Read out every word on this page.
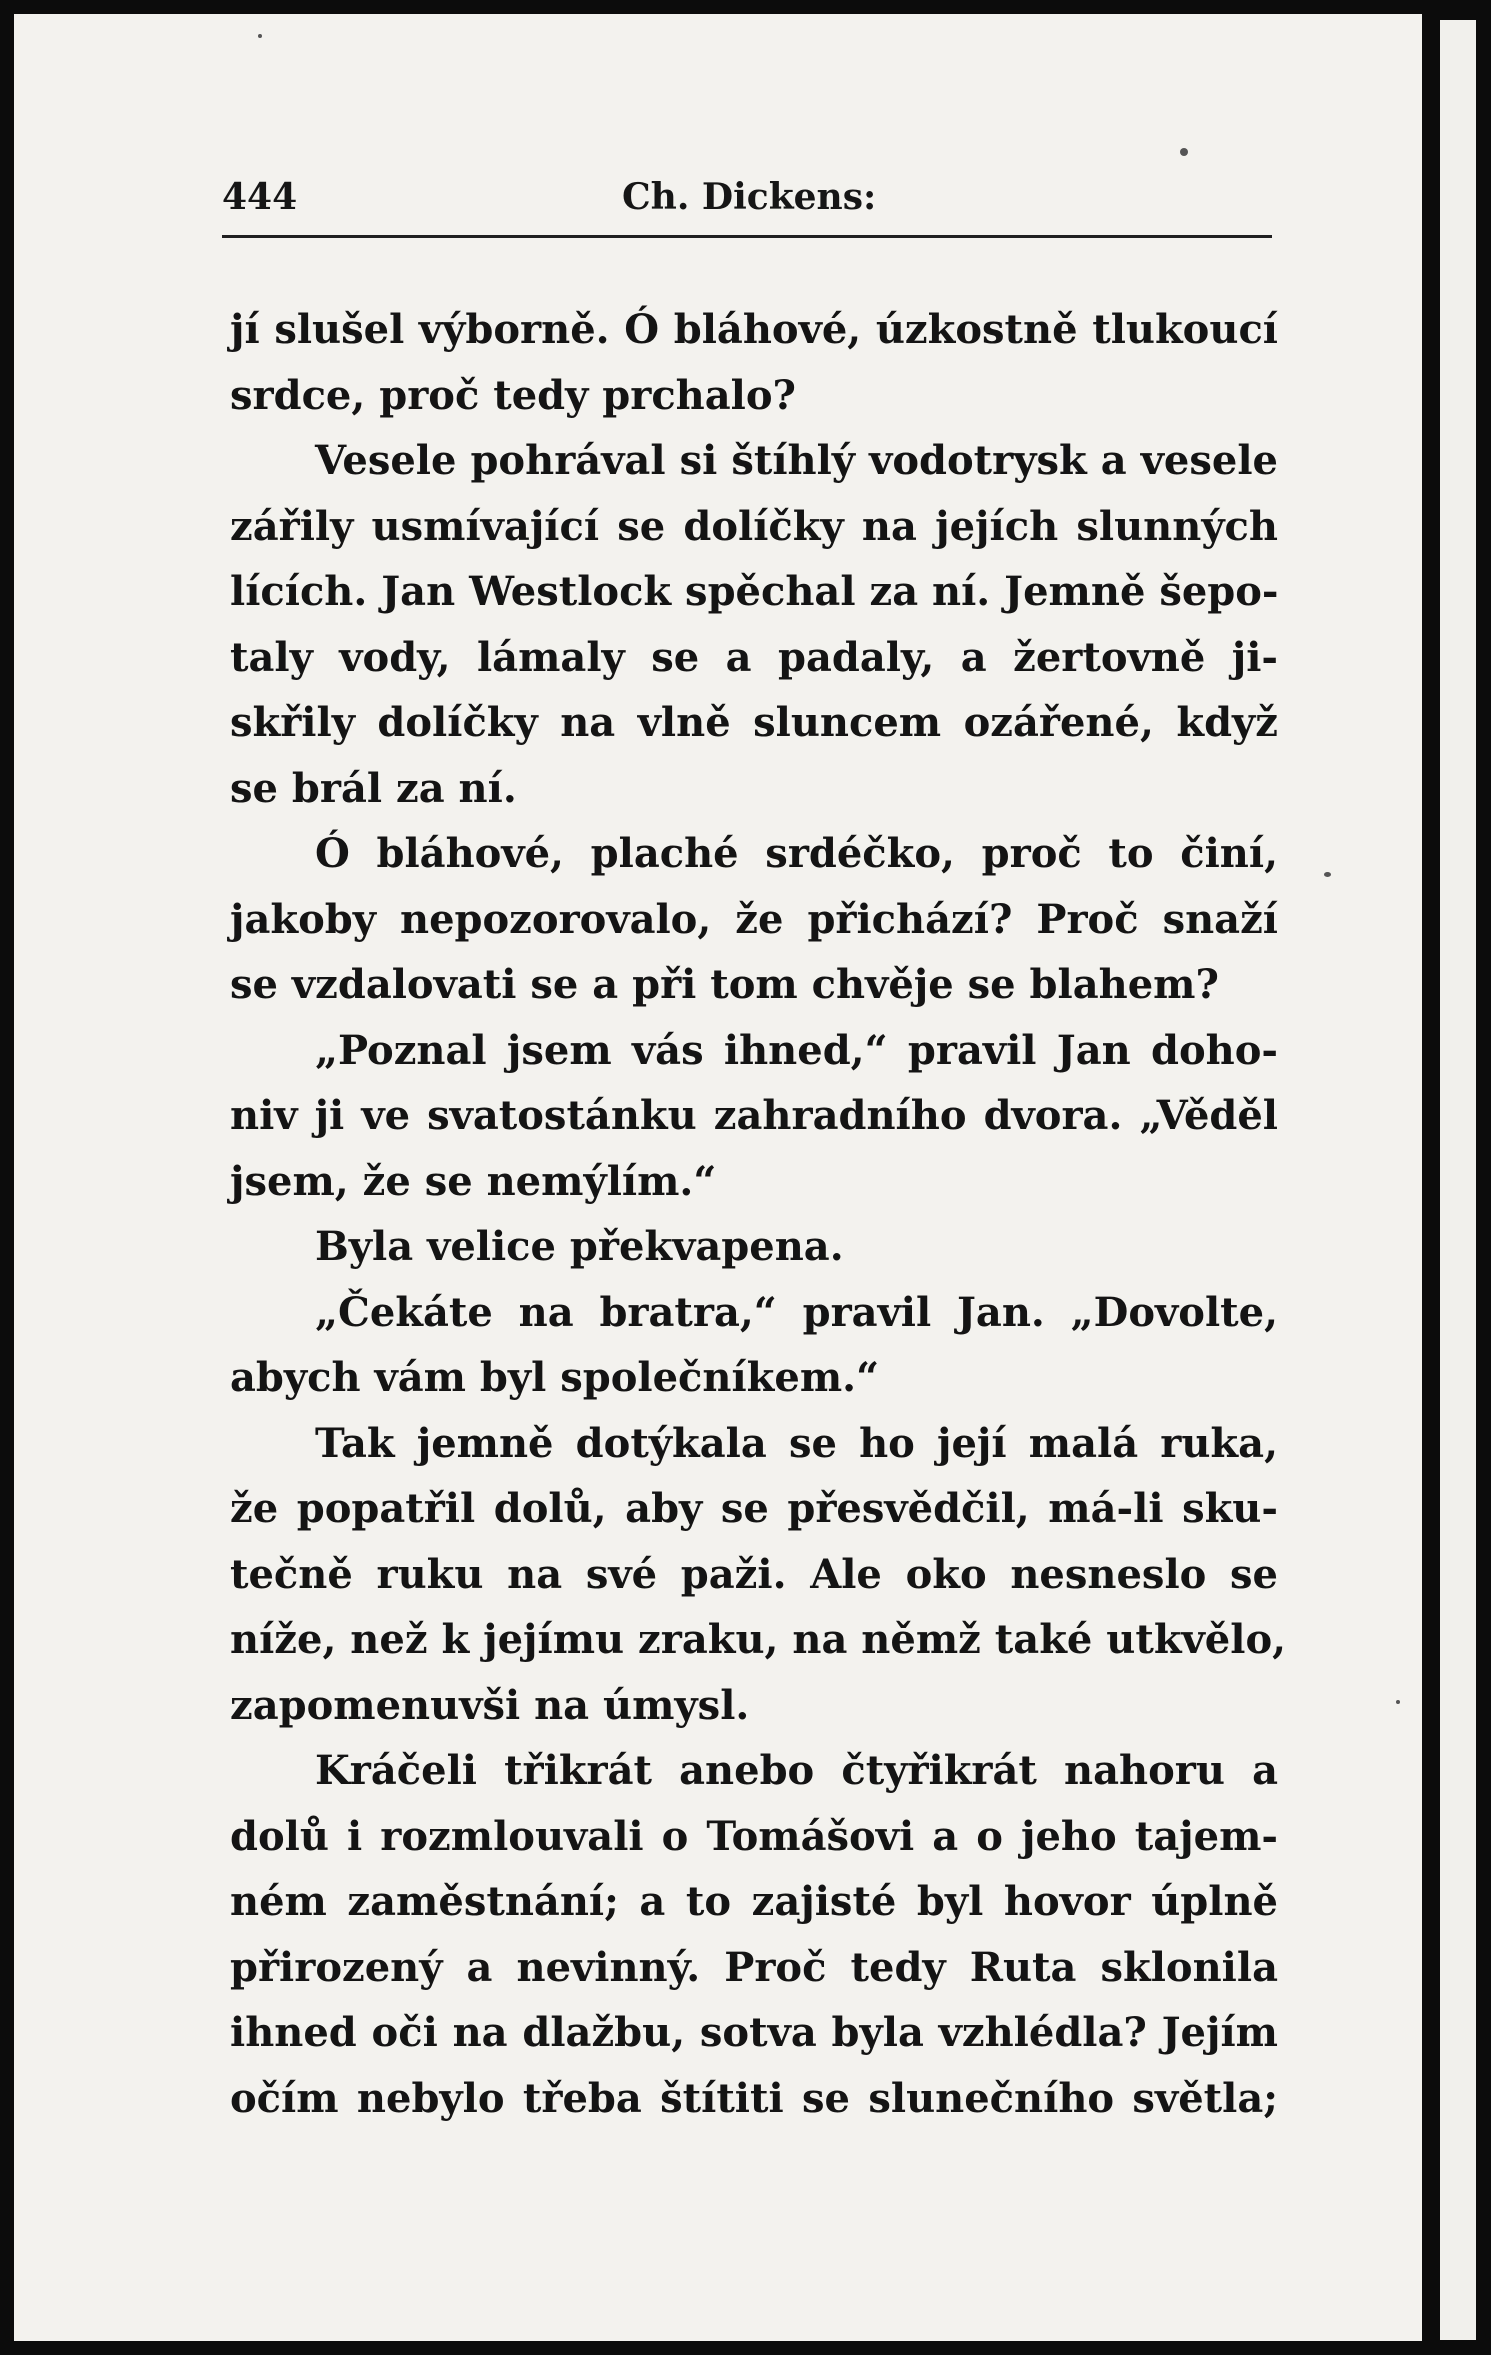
444	Ch. Dickens:
jí slušel výborně. Ó bláhové, úzkostně tlukoucí
srdce, proč tedy prchalo?
Vesele pohrával si štíhlý vodotrysk a vesele
zářily usmívající se dolíčky na jejích slunných
lících. Jan Westlock spěchal za ní. Jemně šepo-
taly vody, lámaly se a padaly, a žertovně ji-
skřily dolíčky na vlně sluncem ozářené, když
se brál za ní.
Ó bláhové, plaché srdéčko, proč to činí,
jakoby nepozorovalo, že přichází? Proč snaží
se vzdalovati se a při tom chvěje se blahem?
„Poznal jsem vás ihned,“ pravil Jan doho-
niv ji ve svatostánku zahradního dvora. „Věděl
jsem, že se nemýlím.“
Byla velice překvapena.
„Čekáte na bratra,“ pravil Jan. „Dovolte,
abych vám byl společníkem.“
Tak jemně dotýkala se ho její malá ruka,
že popatřil dolů, aby se přesvědčil, má-li sku-
tečně ruku na své paži. Ale oko nesneslo se
níže, než k jejímu zraku, na němž také utkvělo,
zapomenuvši na úmysl.
Kráčeli třikrát anebo čtyřikrát nahoru a
dolů i rozmlouvali o Tomášovi a o jeho tajem-
ném zaměstnání; a to zajisté byl hovor úplně
přirozený a nevinný. Proč tedy Ruta sklonila
ihned oči na dlažbu, sotva byla vzhlédla? Jejím
očím nebylo třeba štítiti se slunečního světla;
